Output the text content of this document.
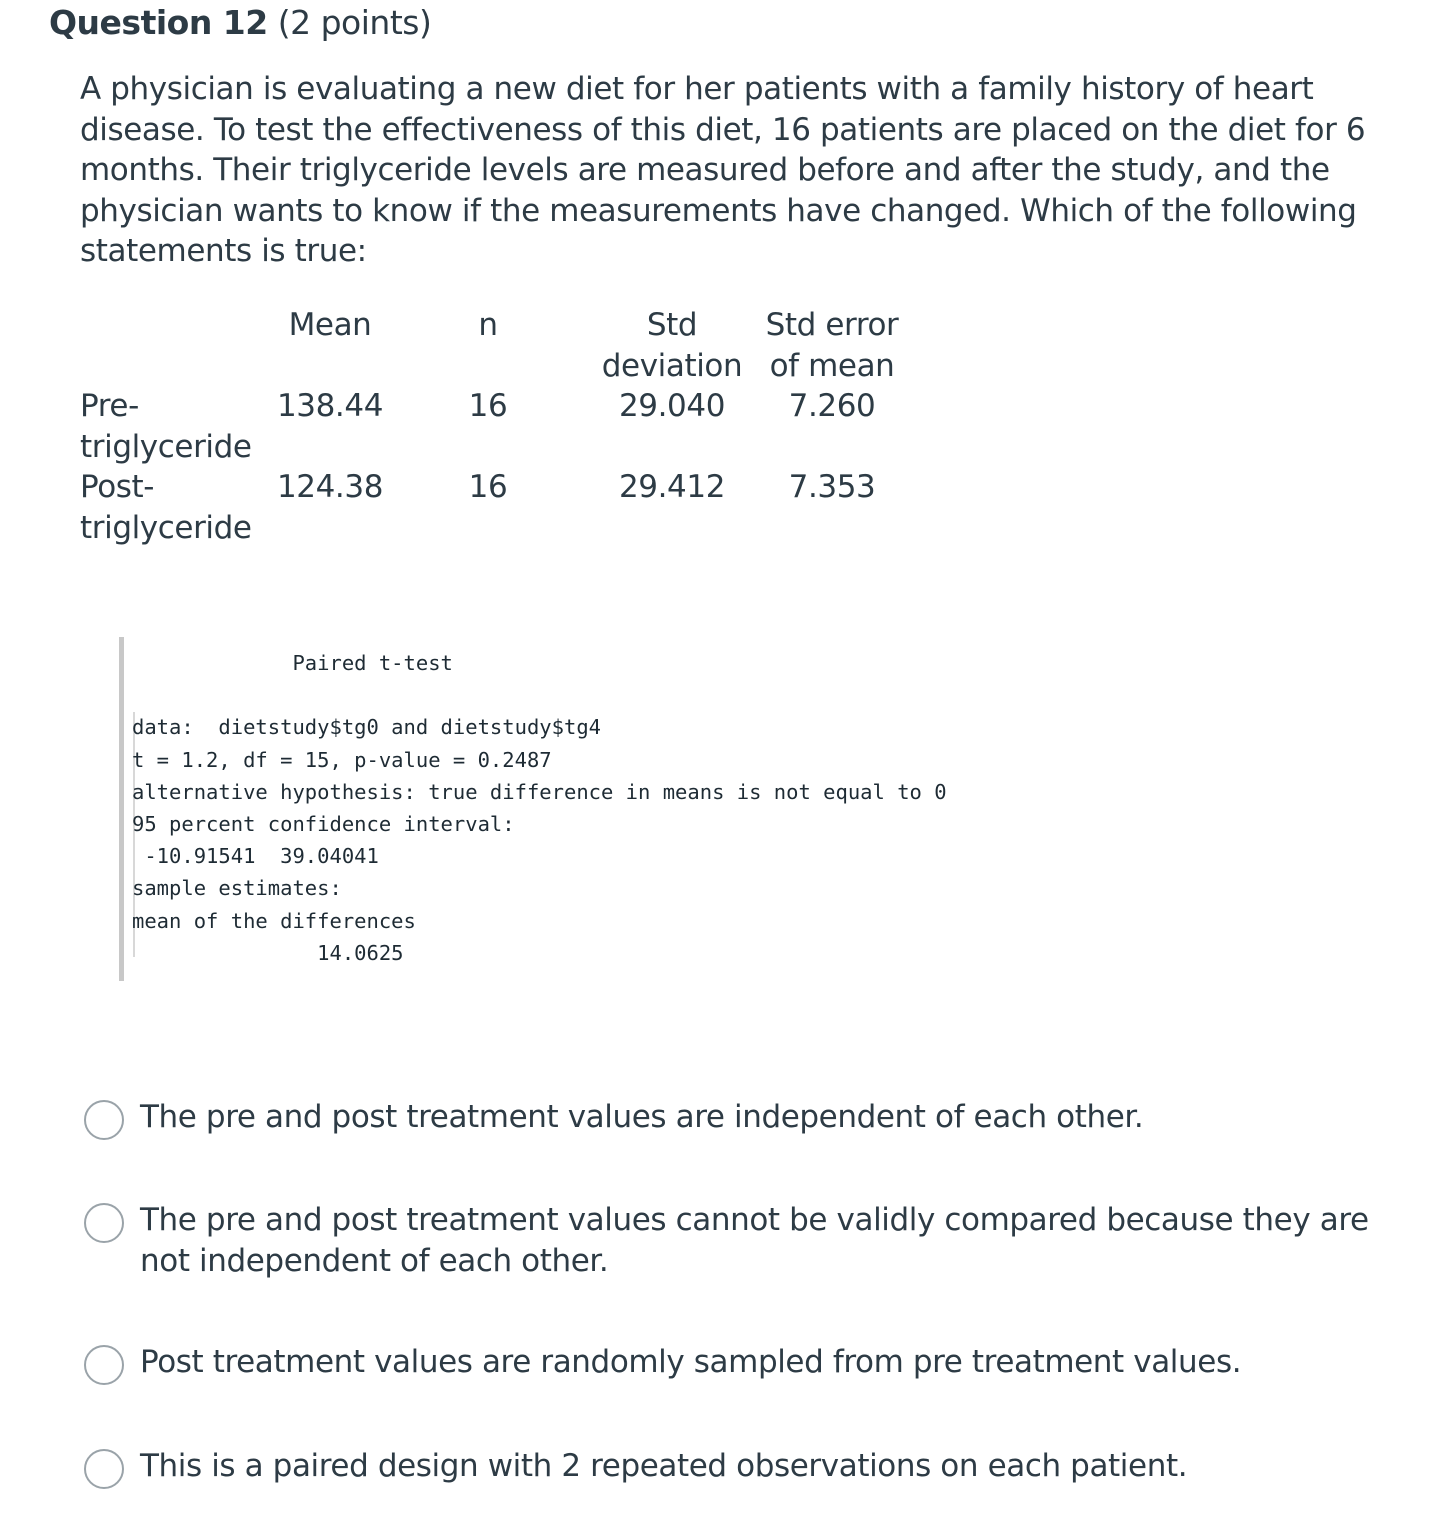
Question 12 (2 points)
A physician is evaluating a new diet for her patients with a family history of heart disease. To test the effectiveness of this diet, 16 patients are placed on the diet for 6 months. Their triglyceride levels are measured before and after the study, and the physician wants to know if the measurements have changed. Which of the following statements is true:
	Mean	n	Std deviation	Std error of mean
Pre-triglyceride	138.44	16	29.040	7.260
Post-triglyceride	124.38	16	29.412	7.353
Paired t-test

data:  dietstudy$tg0 and dietstudy$tg4
t = 1.2, df = 15, p-value = 0.2487
alternative hypothesis: true difference in means is not equal to 0
95 percent confidence interval:
-10.91541  39.04041
sample estimates:
mean of the differences
14.0625
The pre and post treatment values are independent of each other.
The pre and post treatment values cannot be validly compared because they are not independent of each other.
Post treatment values are randomly sampled from pre treatment values.
This is a paired design with 2 repeated observations on each patient.
